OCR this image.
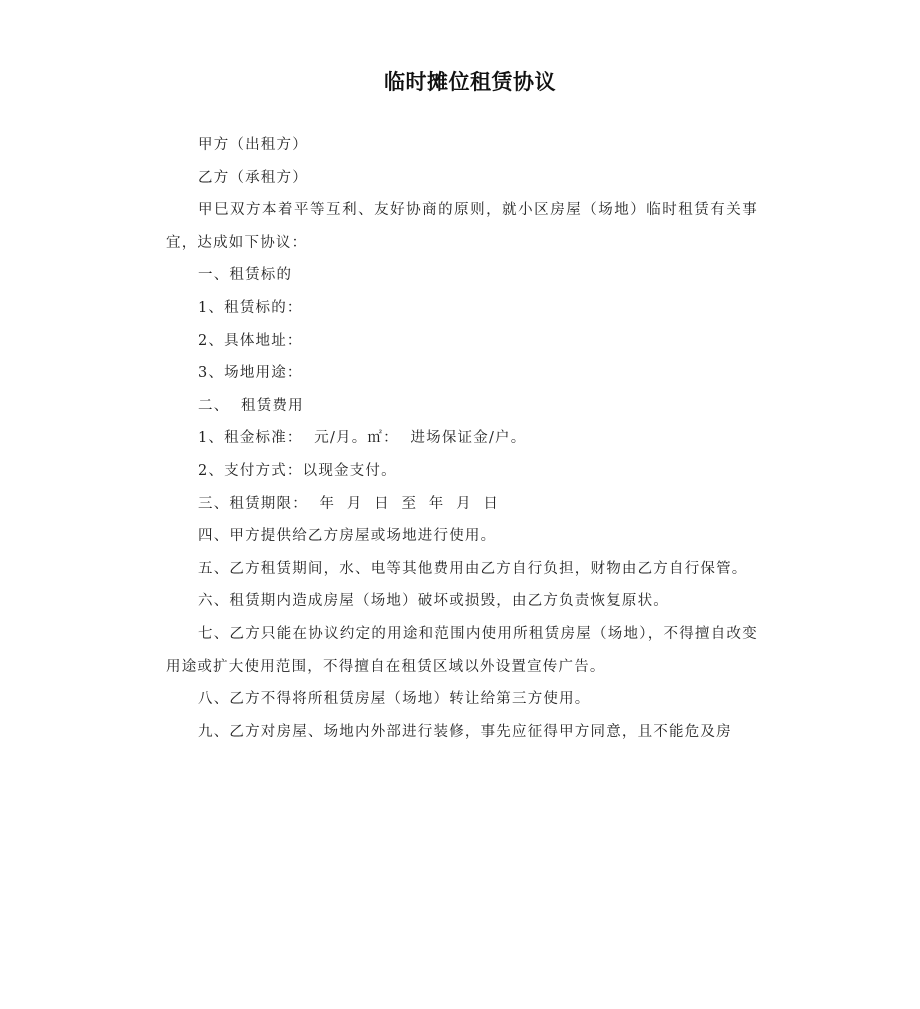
临时摊位租赁协议

甲方（出租方）

乙方（承租方）

甲巳双方本着平等互利、友好协商的原则，就小区房屋（场地）临时租赁有关事宜，达成如下协议：

一、租赁标的

1、租赁标的：

2、具体地址：

3、场地用途：

二、  租赁费用

1、租金标准：  元/月。㎡：  进场保证金/户。

2、支付方式：以现金支付。

三、租赁期限：  年  月  日  至  年  月  日

四、甲方提供给乙方房屋或场地进行使用。

五、乙方租赁期间，水、电等其他费用由乙方自行负担，财物由乙方自行保管。

六、租赁期内造成房屋（场地）破坏或损毁，由乙方负责恢复原状。

七、乙方只能在协议约定的用途和范围内使用所租赁房屋（场地），不得擅自改变用途或扩大使用范围，不得擅自在租赁区域以外设置宣传广告。

八、乙方不得将所租赁房屋（场地）转让给第三方使用。

九、乙方对房屋、场地内外部进行装修，事先应征得甲方同意，且不能危及房
